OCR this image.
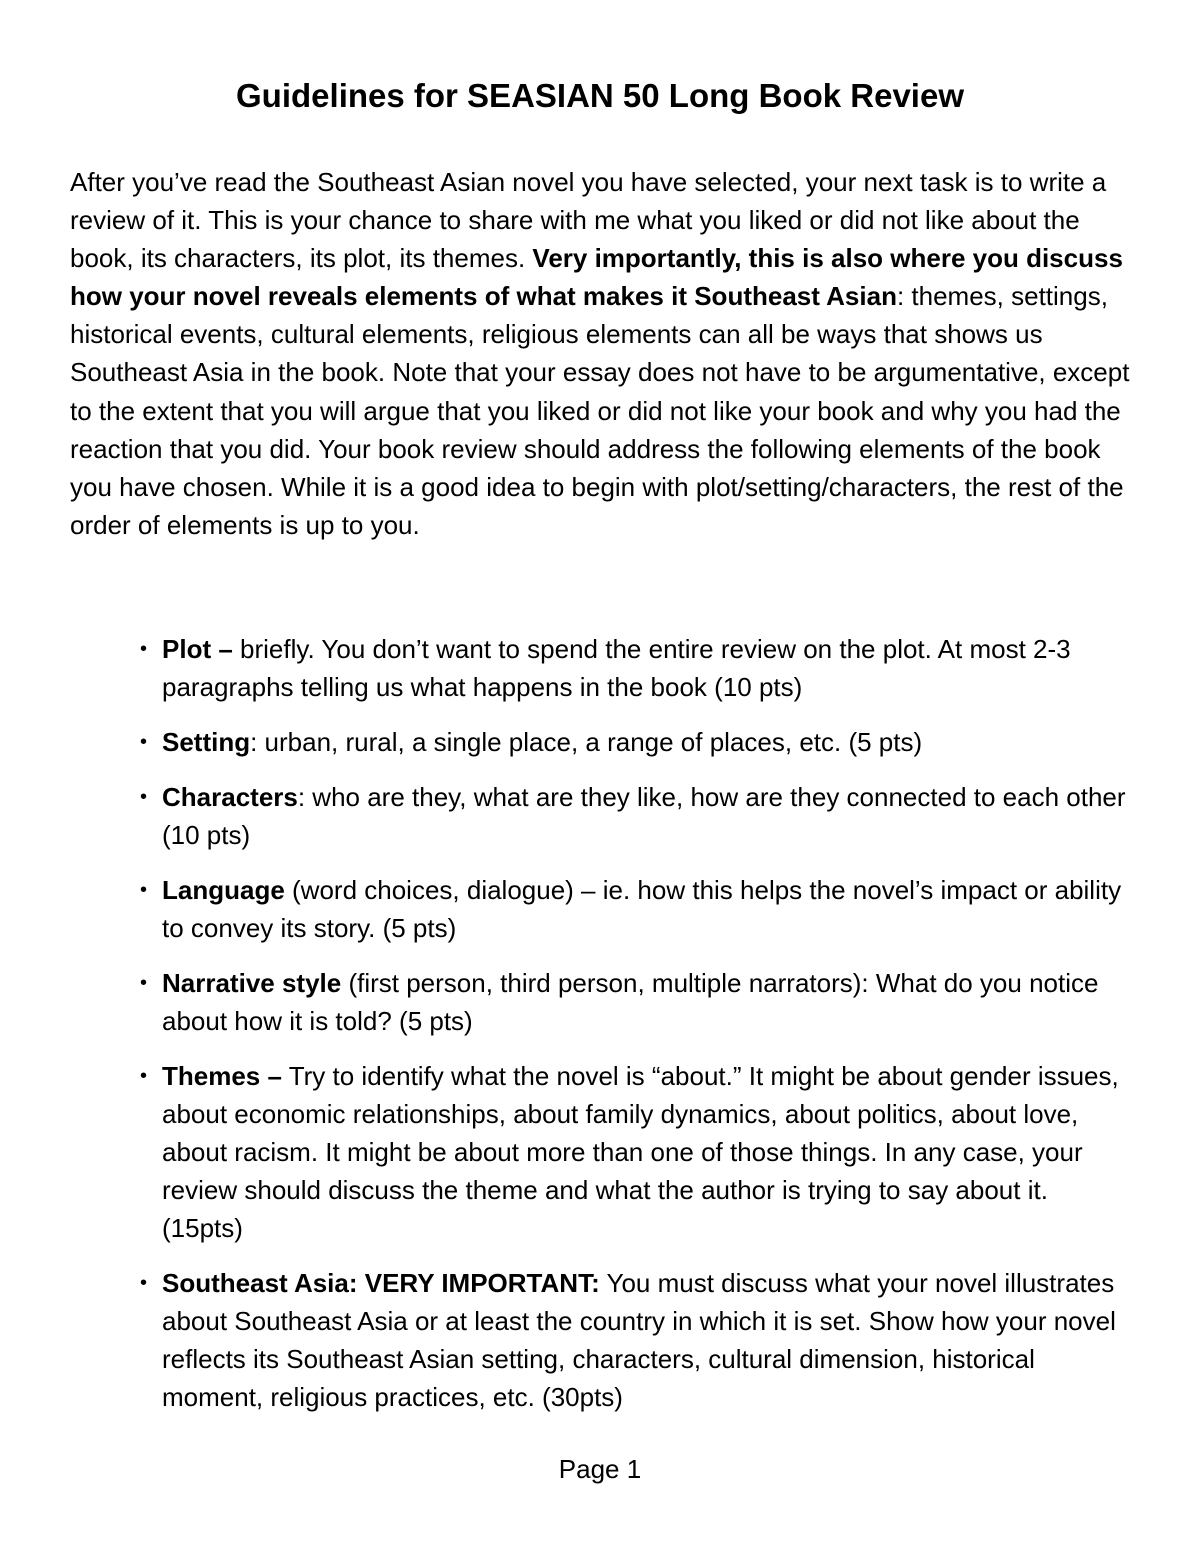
Guidelines for SEASIAN 50 Long Book Review

After you’ve read the Southeast Asian novel you have selected, your next task is to write a review of it. This is your chance to share with me what you liked or did not like about the book, its characters, its plot, its themes. Very importantly, this is also where you discuss how your novel reveals elements of what makes it Southeast Asian: themes, settings, historical events, cultural elements, religious elements can all be ways that shows us Southeast Asia in the book. Note that your essay does not have to be argumentative, except to the extent that you will argue that you liked or did not like your book and why you had the reaction that you did. Your book review should address the following elements of the book you have chosen. While it is a good idea to begin with plot/setting/characters, the rest of the order of elements is up to you.

• Plot – briefly. You don’t want to spend the entire review on the plot. At most 2-3 paragraphs telling us what happens in the book (10 pts)
• Setting: urban, rural, a single place, a range of places, etc. (5 pts)
• Characters: who are they, what are they like, how are they connected to each other (10 pts)
• Language (word choices, dialogue) – ie. how this helps the novel’s impact or ability to convey its story. (5 pts)
• Narrative style (first person, third person, multiple narrators): What do you notice about how it is told? (5 pts)
• Themes – Try to identify what the novel is “about.” It might be about gender issues, about economic relationships, about family dynamics, about politics, about love, about racism. It might be about more than one of those things. In any case, your review should discuss the theme and what the author is trying to say about it. (15pts)
• Southeast Asia: VERY IMPORTANT: You must discuss what your novel illustrates about Southeast Asia or at least the country in which it is set. Show how your novel reflects its Southeast Asian setting, characters, cultural dimension, historical moment, religious practices, etc. (30pts)
Page 1
